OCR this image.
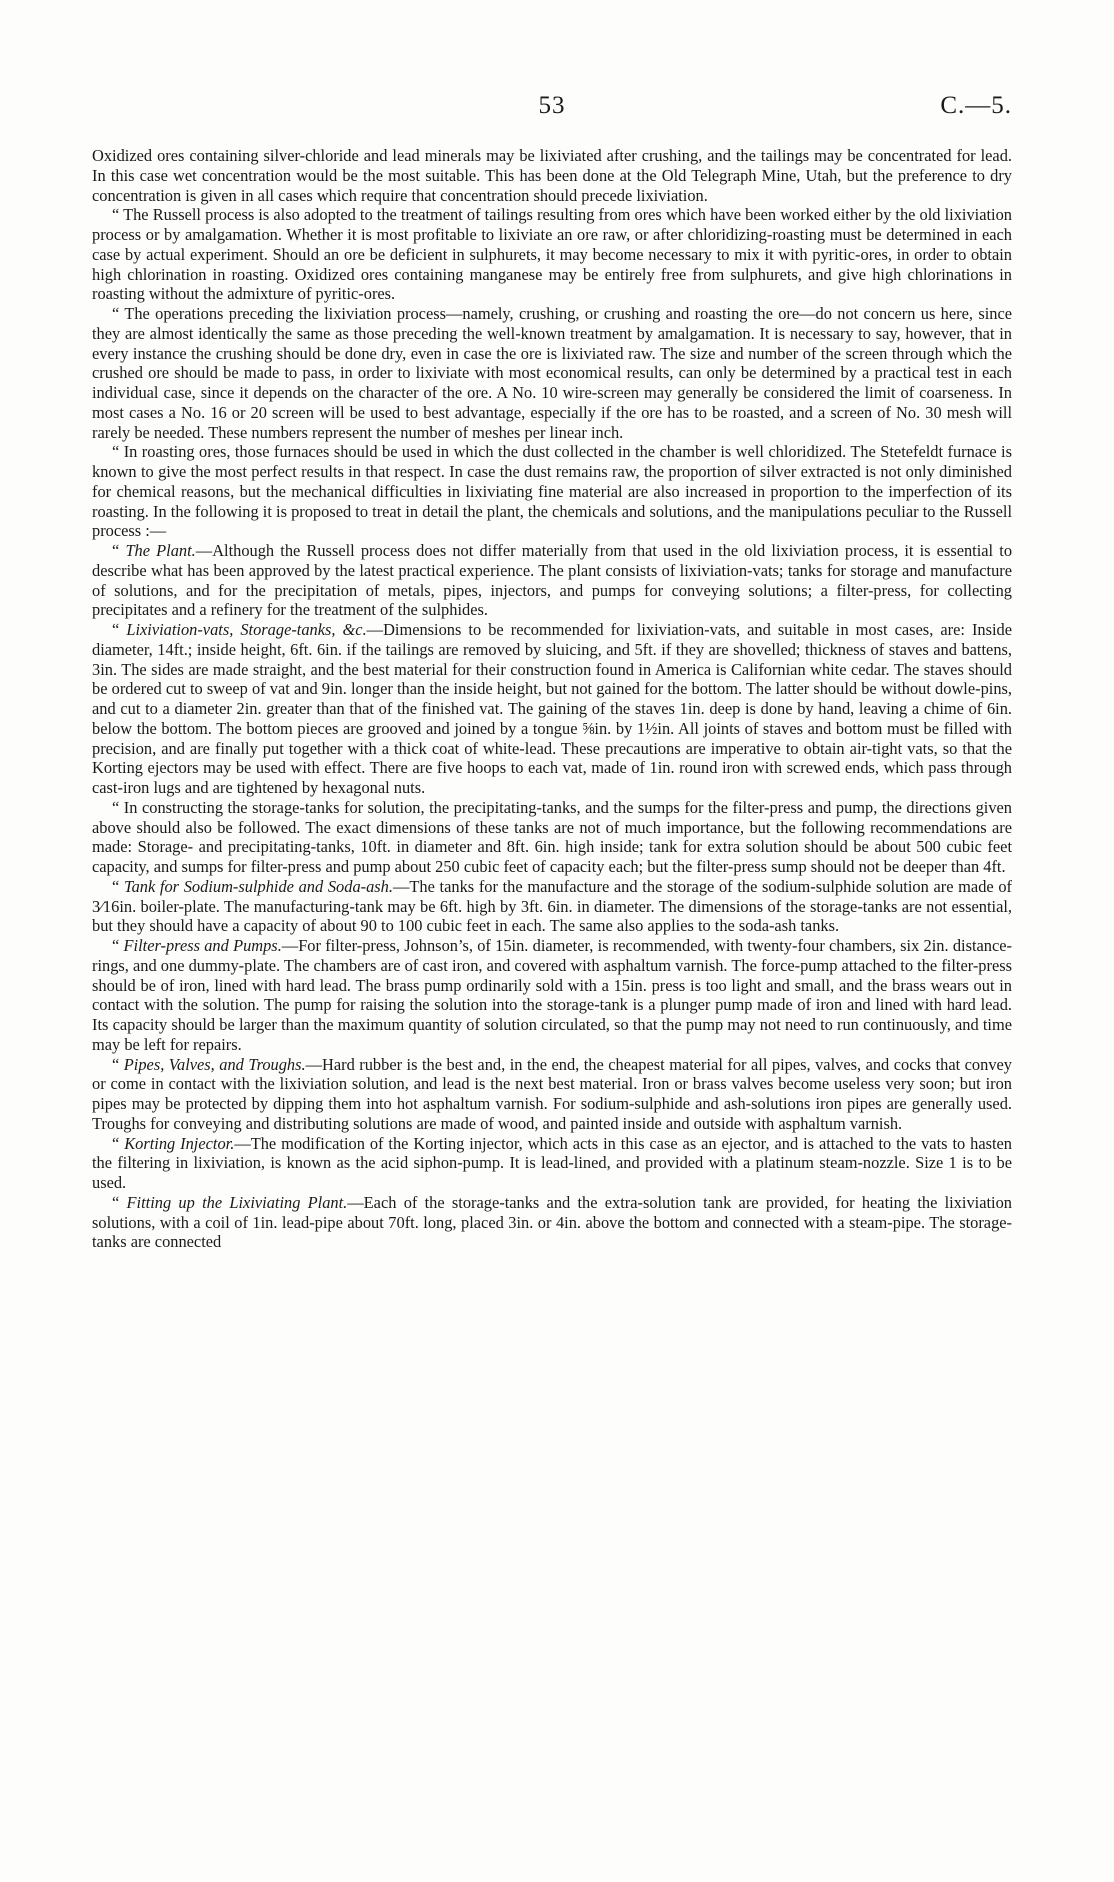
53	C.—5.

Oxidized ores containing silver-chloride and lead minerals may be lixiviated after crushing, and the tailings may be concentrated for lead. In this case wet concentration would be the most suitable. This has been done at the Old Telegraph Mine, Utah, but the preference to dry concentration is given in all cases which require that concentration should precede lixiviation.

“ The Russell process is also adopted to the treatment of tailings resulting from ores which have been worked either by the old lixiviation process or by amalgamation. Whether it is most profitable to lixiviate an ore raw, or after chloridizing-roasting must be determined in each case by actual experiment. Should an ore be deficient in sulphurets, it may become necessary to mix it with pyritic-ores, in order to obtain high chlorination in roasting. Oxidized ores containing manganese may be entirely free from sulphurets, and give high chlorinations in roasting without the admixture of pyritic-ores.

“ The operations preceding the lixiviation process—namely, crushing, or crushing and roasting the ore—do not concern us here, since they are almost identically the same as those preceding the well-known treatment by amalgamation. It is necessary to say, however, that in every instance the crushing should be done dry, even in case the ore is lixiviated raw. The size and number of the screen through which the crushed ore should be made to pass, in order to lixiviate with most economical results, can only be determined by a practical test in each individual case, since it depends on the character of the ore. A No. 10 wire-screen may generally be considered the limit of coarseness. In most cases a No. 16 or 20 screen will be used to best advantage, especially if the ore has to be roasted, and a screen of No. 30 mesh will rarely be needed. These numbers represent the number of meshes per linear inch.

“ In roasting ores, those furnaces should be used in which the dust collected in the chamber is well chloridized. The Stetefeldt furnace is known to give the most perfect results in that respect. In case the dust remains raw, the proportion of silver extracted is not only diminished for chemical reasons, but the mechanical difficulties in lixiviating fine material are also increased in proportion to the imperfection of its roasting. In the following it is proposed to treat in detail the plant, the chemicals and solutions, and the manipulations peculiar to the Russell process :—

“ The Plant.—Although the Russell process does not differ materially from that used in the old lixiviation process, it is essential to describe what has been approved by the latest practical experience. The plant consists of lixiviation-vats; tanks for storage and manufacture of solutions, and for the precipitation of metals, pipes, injectors, and pumps for conveying solutions; a filter-press, for collecting precipitates and a refinery for the treatment of the sulphides.

“ Lixiviation-vats, Storage-tanks, &c.—Dimensions to be recommended for lixiviation-vats, and suitable in most cases, are: Inside diameter, 14ft.; inside height, 6ft. 6in. if the tailings are removed by sluicing, and 5ft. if they are shovelled; thickness of staves and battens, 3in. The sides are made straight, and the best material for their construction found in America is Californian white cedar. The staves should be ordered cut to sweep of vat and 9in. longer than the inside height, but not gained for the bottom. The latter should be without dowle-pins, and cut to a diameter 2in. greater than that of the finished vat. The gaining of the staves 1in. deep is done by hand, leaving a chime of 6in. below the bottom. The bottom pieces are grooved and joined by a tongue ⅝in. by 1½in. All joints of staves and bottom must be filled with precision, and are finally put together with a thick coat of white-lead. These precautions are imperative to obtain air-tight vats, so that the Korting ejectors may be used with effect. There are five hoops to each vat, made of 1in. round iron with screwed ends, which pass through cast-iron lugs and are tightened by hexagonal nuts.

“ In constructing the storage-tanks for solution, the precipitating-tanks, and the sumps for the filter-press and pump, the directions given above should also be followed. The exact dimensions of these tanks are not of much importance, but the following recommendations are made: Storage- and precipitating-tanks, 10ft. in diameter and 8ft. 6in. high inside; tank for extra solution should be about 500 cubic feet capacity, and sumps for filter-press and pump about 250 cubic feet of capacity each; but the filter-press sump should not be deeper than 4ft.

“ Tank for Sodium-sulphide and Soda-ash.—The tanks for the manufacture and the storage of the sodium-sulphide solution are made of 3⁄16in. boiler-plate. The manufacturing-tank may be 6ft. high by 3ft. 6in. in diameter. The dimensions of the storage-tanks are not essential, but they should have a capacity of about 90 to 100 cubic feet in each. The same also applies to the soda-ash tanks.

“ Filter-press and Pumps.—For filter-press, Johnson’s, of 15in. diameter, is recommended, with twenty-four chambers, six 2in. distance-rings, and one dummy-plate. The chambers are of cast iron, and covered with asphaltum varnish. The force-pump attached to the filter-press should be of iron, lined with hard lead. The brass pump ordinarily sold with a 15in. press is too light and small, and the brass wears out in contact with the solution. The pump for raising the solution into the storage-tank is a plunger pump made of iron and lined with hard lead. Its capacity should be larger than the maximum quantity of solution circulated, so that the pump may not need to run continuously, and time may be left for repairs.

“ Pipes, Valves, and Troughs.—Hard rubber is the best and, in the end, the cheapest material for all pipes, valves, and cocks that convey or come in contact with the lixiviation solution, and lead is the next best material. Iron or brass valves become useless very soon; but iron pipes may be protected by dipping them into hot asphaltum varnish. For sodium-sulphide and ash-solutions iron pipes are generally used. Troughs for conveying and distributing solutions are made of wood, and painted inside and outside with asphaltum varnish.

“ Korting Injector.—The modification of the Korting injector, which acts in this case as an ejector, and is attached to the vats to hasten the filtering in lixiviation, is known as the acid siphon-pump. It is lead-lined, and provided with a platinum steam-nozzle. Size 1 is to be used.

“ Fitting up the Lixiviating Plant.—Each of the storage-tanks and the extra-solution tank are provided, for heating the lixiviation solutions, with a coil of 1in. lead-pipe about 70ft. long, placed 3in. or 4in. above the bottom and connected with a steam-pipe. The storage-tanks are connected
